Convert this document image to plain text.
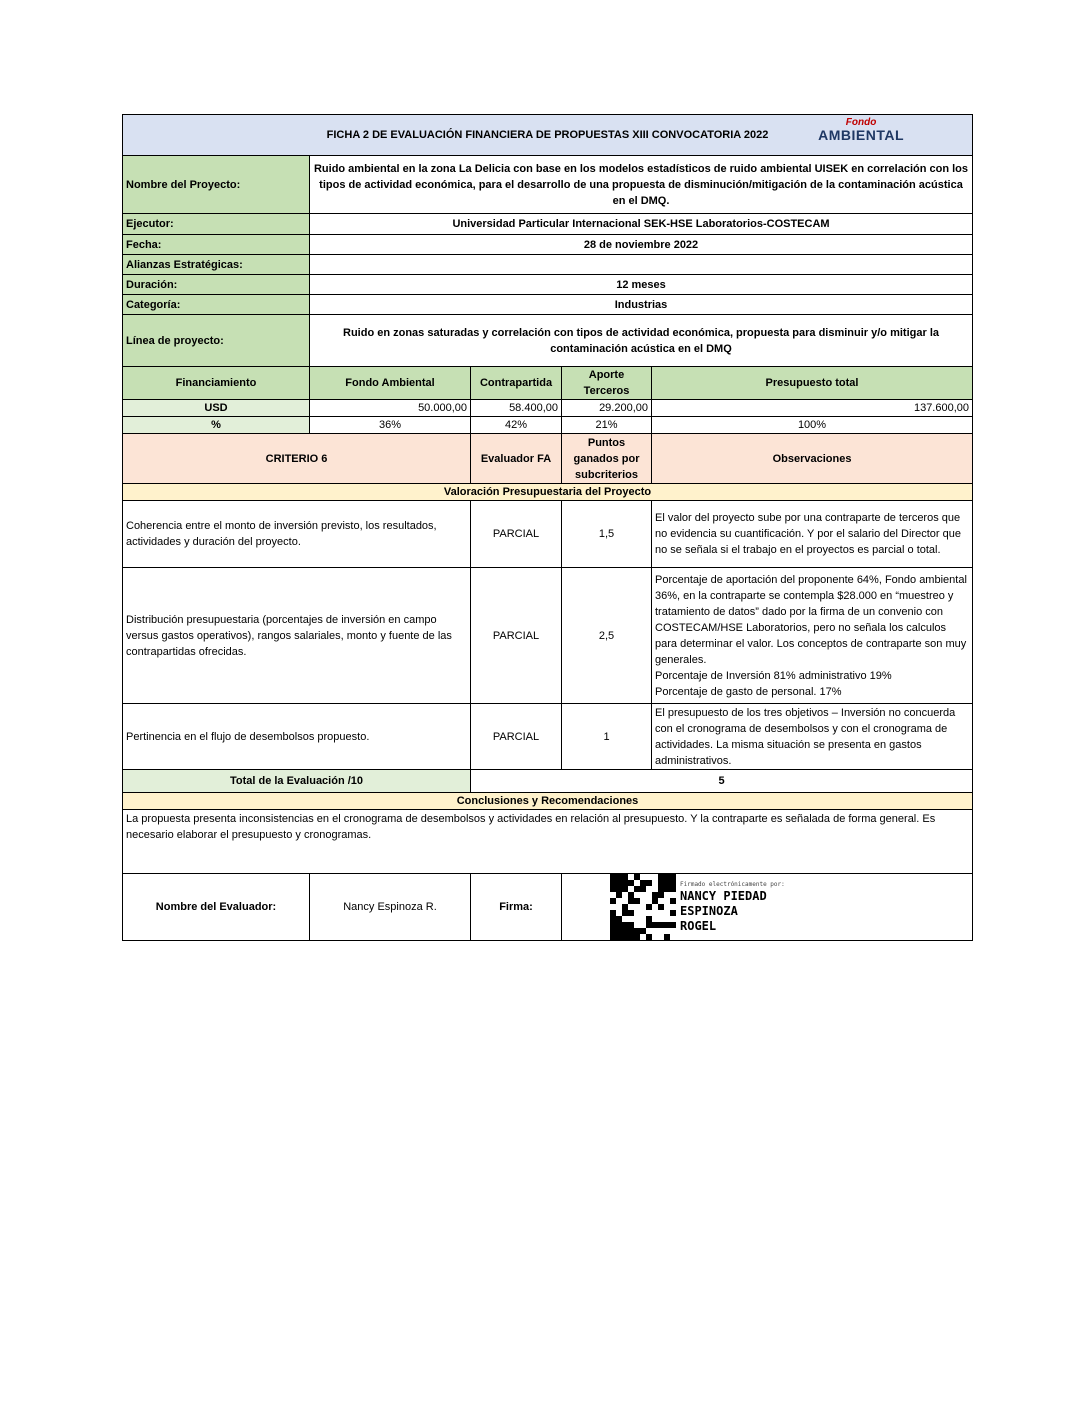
FICHA 2 DE EVALUACIÓN FINANCIERA DE PROPUESTAS XIII CONVOCATORIA 2022
Fondo
AMBIENTAL				

Nombre del Proyecto:	Ruido ambiental en la zona La Delicia con base en los modelos estadísticos de ruido ambiental UISEK en correlación con los tipos de actividad económica, para el desarrollo de una propuesta de disminución/mitigación de la contaminación acústica en el DMQ.			
Ejecutor:	Universidad Particular Internacional SEK-HSE Laboratorios-COSTECAM			
Fecha:	28 de noviembre 2022			
Alianzas Estratégicas:				
Duración:	12 meses			
Categoría:	Industrias			
Línea de proyecto:	Ruido en zonas saturadas y correlación con tipos de actividad económica, propuesta para disminuir y/o mitigar la contaminación acústica en el DMQ			
Financiamiento	Fondo Ambiental	Contrapartida	Aporte Terceros	Presupuesto total
USD	50.000,00	58.400,00	29.200,00	137.600,00
%	36%	42%	21%	100%
CRITERIO 6		Evaluador FA	Puntos ganados por subcriterios	Observaciones
Valoración Presupuestaria del Proyecto				
Coherencia entre el monto de inversión previsto, los resultados, actividades y duración del proyecto.		PARCIAL	1,5	El valor del proyecto sube por una contraparte de terceros que no evidencia su cuantificación. Y por el salario del Director que no se señala si el trabajo en el proyectos es parcial o total.
Distribución presupuestaria (porcentajes de inversión en campo versus gastos operativos), rangos salariales, monto y fuente de las contrapartidas ofrecidas.		PARCIAL	2,5	Porcentaje de aportación del proponente 64%, Fondo ambiental 36%, en la contraparte se contempla $28.000 en “muestreo y tratamiento de datos” dado por la firma de un convenio con COSTECAM/HSE Laboratorios, pero no señala los calculos para determinar el valor. Los conceptos de contraparte son muy generales.
Porcentaje de Inversión 81% administrativo 19%
Porcentaje de gasto de personal. 17%

Pertinencia en el flujo de desembolsos propuesto.		PARCIAL	1	El presupuesto de los tres objetivos – Inversión no concuerda con el cronograma de desembolsos y con el cronograma de actividades. La misma situación se presenta en gastos administrativos.
Total de la Evaluación /10		5		
Conclusiones y Recomendaciones				
La propuesta presenta inconsistencias en el cronograma de desembolsos y actividades en relación al presupuesto. Y la contraparte es señalada de forma general. Es necesario elaborar el presupuesto y cronogramas.				
Nombre del Evaluador:	Nancy Espinoza R.	Firma:	Firmado electrónicamente por:
NANCY PIEDAD
ESPINOZA
ROGEL	
